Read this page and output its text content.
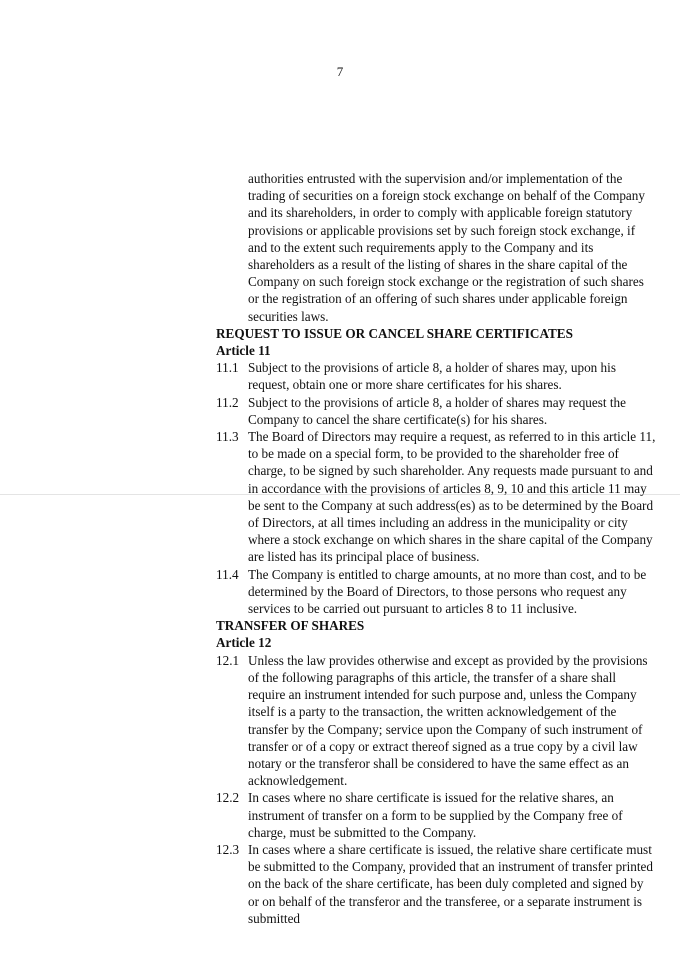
7

authorities entrusted with the supervision and/or implementation of the trading of securities on a foreign stock exchange on behalf of the Company and its shareholders, in order to comply with applicable foreign statutory provisions or applicable provisions set by such foreign stock exchange, if and to the extent such requirements apply to the Company and its shareholders as a result of the listing of shares in the share capital of the Company on such foreign stock exchange or the registration of such shares or the registration of an offering of such shares under applicable foreign securities laws.

REQUEST TO ISSUE OR CANCEL SHARE CERTIFICATES
Article 11
11.1 Subject to the provisions of article 8, a holder of shares may, upon his request, obtain one or more share certificates for his shares.
11.2 Subject to the provisions of article 8, a holder of shares may request the Company to cancel the share certificate(s) for his shares.
11.3 The Board of Directors may require a request, as referred to in this article 11, to be made on a special form, to be provided to the shareholder free of charge, to be signed by such shareholder. Any requests made pursuant to and in accordance with the provisions of articles 8, 9, 10 and this article 11 may be sent to the Company at such address(es) as to be determined by the Board of Directors, at all times including an address in the municipality or city where a stock exchange on which shares in the share capital of the Company are listed has its principal place of business.
11.4 The Company is entitled to charge amounts, at no more than cost, and to be determined by the Board of Directors, to those persons who request any services to be carried out pursuant to articles 8 to 11 inclusive.
TRANSFER OF SHARES
Article 12
12.1 Unless the law provides otherwise and except as provided by the provisions of the following paragraphs of this article, the transfer of a share shall require an instrument intended for such purpose and, unless the Company itself is a party to the transaction, the written acknowledgement of the transfer by the Company; service upon the Company of such instrument of transfer or of a copy or extract thereof signed as a true copy by a civil law notary or the transferor shall be considered to have the same effect as an acknowledgement.
12.2 In cases where no share certificate is issued for the relative shares, an instrument of transfer on a form to be supplied by the Company free of charge, must be submitted to the Company.
12.3 In cases where a share certificate is issued, the relative share certificate must be submitted to the Company, provided that an instrument of transfer printed on the back of the share certificate, has been duly completed and signed by or on behalf of the transferor and the transferee, or a separate instrument is submitted
